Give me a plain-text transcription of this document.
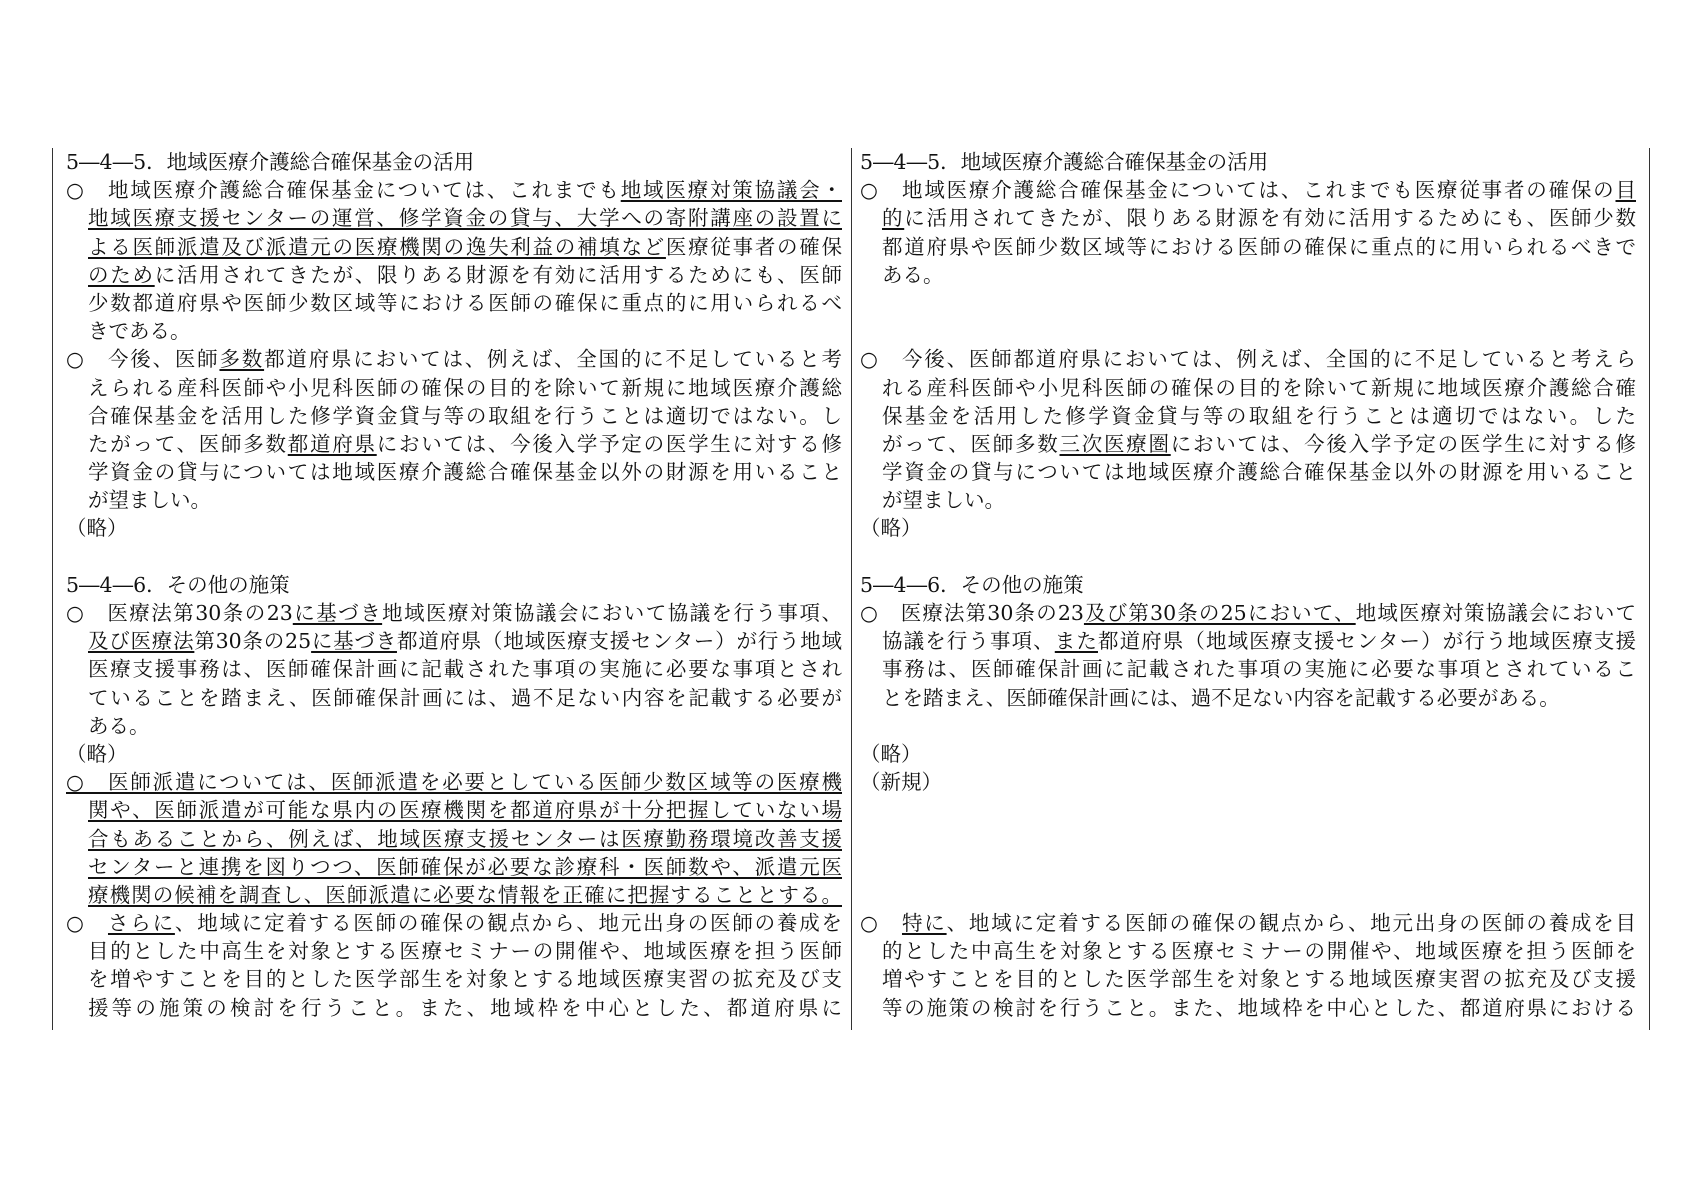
5―4―5．地域医療介護総合確保基金の活用
○　地域医療介護総合確保基金については、これまでも地域医療対策協議会・
地域医療支援センターの運営、修学資金の貸与、大学への寄附講座の設置に
よる医師派遣及び派遣元の医療機関の逸失利益の補填など医療従事者の確保
のために活用されてきたが、限りある財源を有効に活用するためにも、医師
少数都道府県や医師少数区域等における医師の確保に重点的に用いられるべ
きである。
○　今後、医師多数都道府県においては、例えば、全国的に不足していると考
えられる産科医師や小児科医師の確保の目的を除いて新規に地域医療介護総
合確保基金を活用した修学資金貸与等の取組を行うことは適切ではない。し
たがって、医師多数都道府県においては、今後入学予定の医学生に対する修
学資金の貸与については地域医療介護総合確保基金以外の財源を用いること
が望ましい。
（略）
5―4―6．その他の施策
○　医療法第30条の23に基づき地域医療対策協議会において協議を行う事項、
及び医療法第30条の25に基づき都道府県（地域医療支援センター）が行う地域
医療支援事務は、医師確保計画に記載された事項の実施に必要な事項とされ
ていることを踏まえ、医師確保計画には、過不足ない内容を記載する必要が
ある。
（略）
○　医師派遣については、医師派遣を必要としている医師少数区域等の医療機
関や、医師派遣が可能な県内の医療機関を都道府県が十分把握していない場
合もあることから、例えば、地域医療支援センターは医療勤務環境改善支援
センターと連携を図りつつ、医師確保が必要な診療科・医師数や、派遣元医
療機関の候補を調査し、医師派遣に必要な情報を正確に把握することとする。
○　さらに、地域に定着する医師の確保の観点から、地元出身の医師の養成を
目的とした中高生を対象とする医療セミナーの開催や、地域医療を担う医師
を増やすことを目的とした医学部生を対象とする地域医療実習の拡充及び支
援等の施策の検討を行うこと。また、地域枠を中心とした、都道府県に
5―4―5．地域医療介護総合確保基金の活用
○　地域医療介護総合確保基金については、これまでも医療従事者の確保の目
的に活用されてきたが、限りある財源を有効に活用するためにも、医師少数
都道府県や医師少数区域等における医師の確保に重点的に用いられるべきで
ある。
○　今後、医師都道府県においては、例えば、全国的に不足していると考えら
れる産科医師や小児科医師の確保の目的を除いて新規に地域医療介護総合確
保基金を活用した修学資金貸与等の取組を行うことは適切ではない。した
がって、医師多数三次医療圏においては、今後入学予定の医学生に対する修
学資金の貸与については地域医療介護総合確保基金以外の財源を用いること
が望ましい。
（略）
5―4―6．その他の施策
○　医療法第30条の23及び第30条の25において、地域医療対策協議会において
協議を行う事項、また都道府県（地域医療支援センター）が行う地域医療支援
事務は、医師確保計画に記載された事項の実施に必要な事項とされているこ
とを踏まえ、医師確保計画には、過不足ない内容を記載する必要がある。
（略）
（新規）
○　特に、地域に定着する医師の確保の観点から、地元出身の医師の養成を目
的とした中高生を対象とする医療セミナーの開催や、地域医療を担う医師を
増やすことを目的とした医学部生を対象とする地域医療実習の拡充及び支援
等の施策の検討を行うこと。また、地域枠を中心とした、都道府県における
